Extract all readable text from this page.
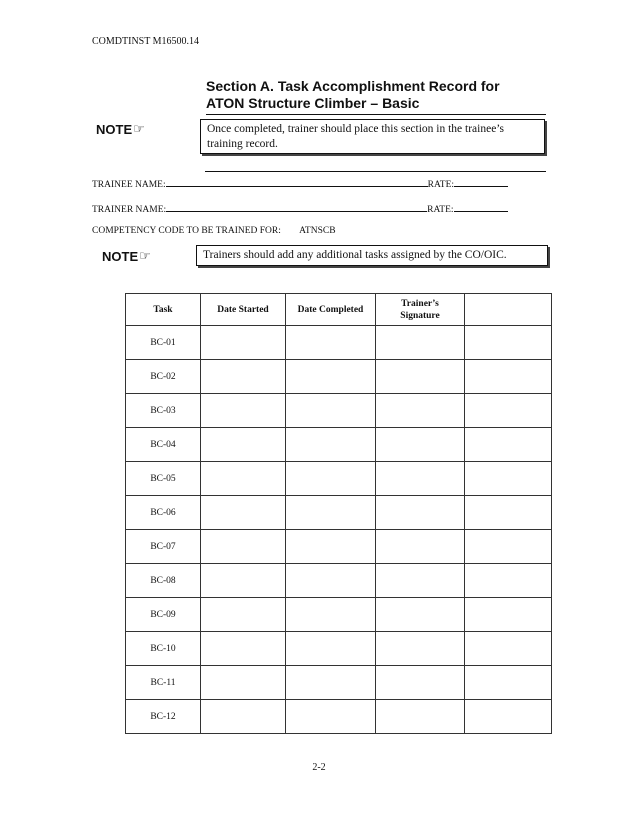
COMDTINST M16500.14
Section A. Task Accomplishment Record for
ATON Structure Climber – Basic
NOTE ☞	Once completed, trainer should place this section in the trainee’s
training record.
TRAINEE NAME:	RATE:
TRAINER NAME:	RATE:
COMPETENCY CODE TO BE TRAINED FOR: ATNSCB
NOTE ☞	Trainers should add any additional tasks assigned by the CO/OIC.
Task	Date Started	Date Completed	Trainer’s
Signature	

BC-01				
BC-02				
BC-03				
BC-04				
BC-05				
BC-06				
BC-07				
BC-08				
BC-09				
BC-10				
BC-11				
BC-12				
2-2
